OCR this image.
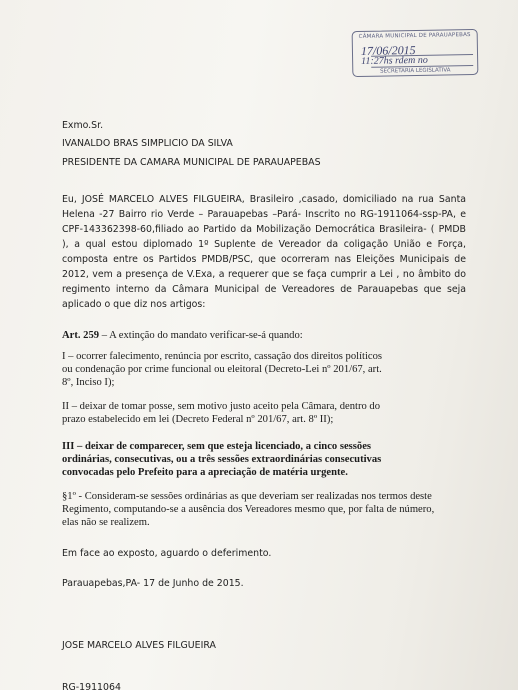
CÂMARA MUNICIPAL DE PARAUAPEBAS
17/06/2015
11:27hs rdem no
SECRETARIA LEGISLATIVA

Exmo.Sr.

IVANALDO BRAS SIMPLICIO DA SILVA

PRESIDENTE DA CAMARA MUNICIPAL DE PARAUAPEBAS

Eu, JOSÉ MARCELO ALVES FILGUEIRA, Brasileiro ,casado, domiciliado na rua Santa Helena -27 Bairro rio Verde – Parauapebas –Pará- Inscrito no RG-1911064-ssp-PA, e CPF-143362398-60,filiado ao Partido da Mobilização Democrática Brasileira- ( PMDB ), a qual estou diplomado 1º Suplente de Vereador da coligação União e Força, composta entre os Partidos PMDB/PSC, que ocorreram nas Eleições Municipais de 2012, vem a presença de V.Exa, a requerer que se faça cumprir a Lei , no âmbito do regimento interno da Câmara Municipal de Vereadores de Parauapebas que seja aplicado o que diz nos artigos:

Art. 259 – A extinção do mandato verificar-se-á quando:

I – ocorrer falecimento, renúncia por escrito, cassação dos direitos políticos ou condenação por crime funcional ou eleitoral (Decreto-Lei nº 201/67, art. 8º, Inciso I);

II – deixar de tomar posse, sem motivo justo aceito pela Câmara, dentro do prazo estabelecido em lei (Decreto Federal nº 201/67, art. 8º II);

III – deixar de comparecer, sem que esteja licenciado, a cinco sessões ordinárias, consecutivas, ou a três sessões extraordinárias consecutivas convocadas pelo Prefeito para a apreciação de matéria urgente.

§1º - Consideram-se sessões ordinárias as que deveriam ser realizadas nos termos deste Regimento, computando-se a ausência dos Vereadores mesmo que, por falta de número, elas não se realizem.

Em face ao exposto, aguardo o deferimento.

Parauapebas,PA- 17 de Junho de 2015.

JOSE MARCELO ALVES FILGUEIRA

RG-1911064
